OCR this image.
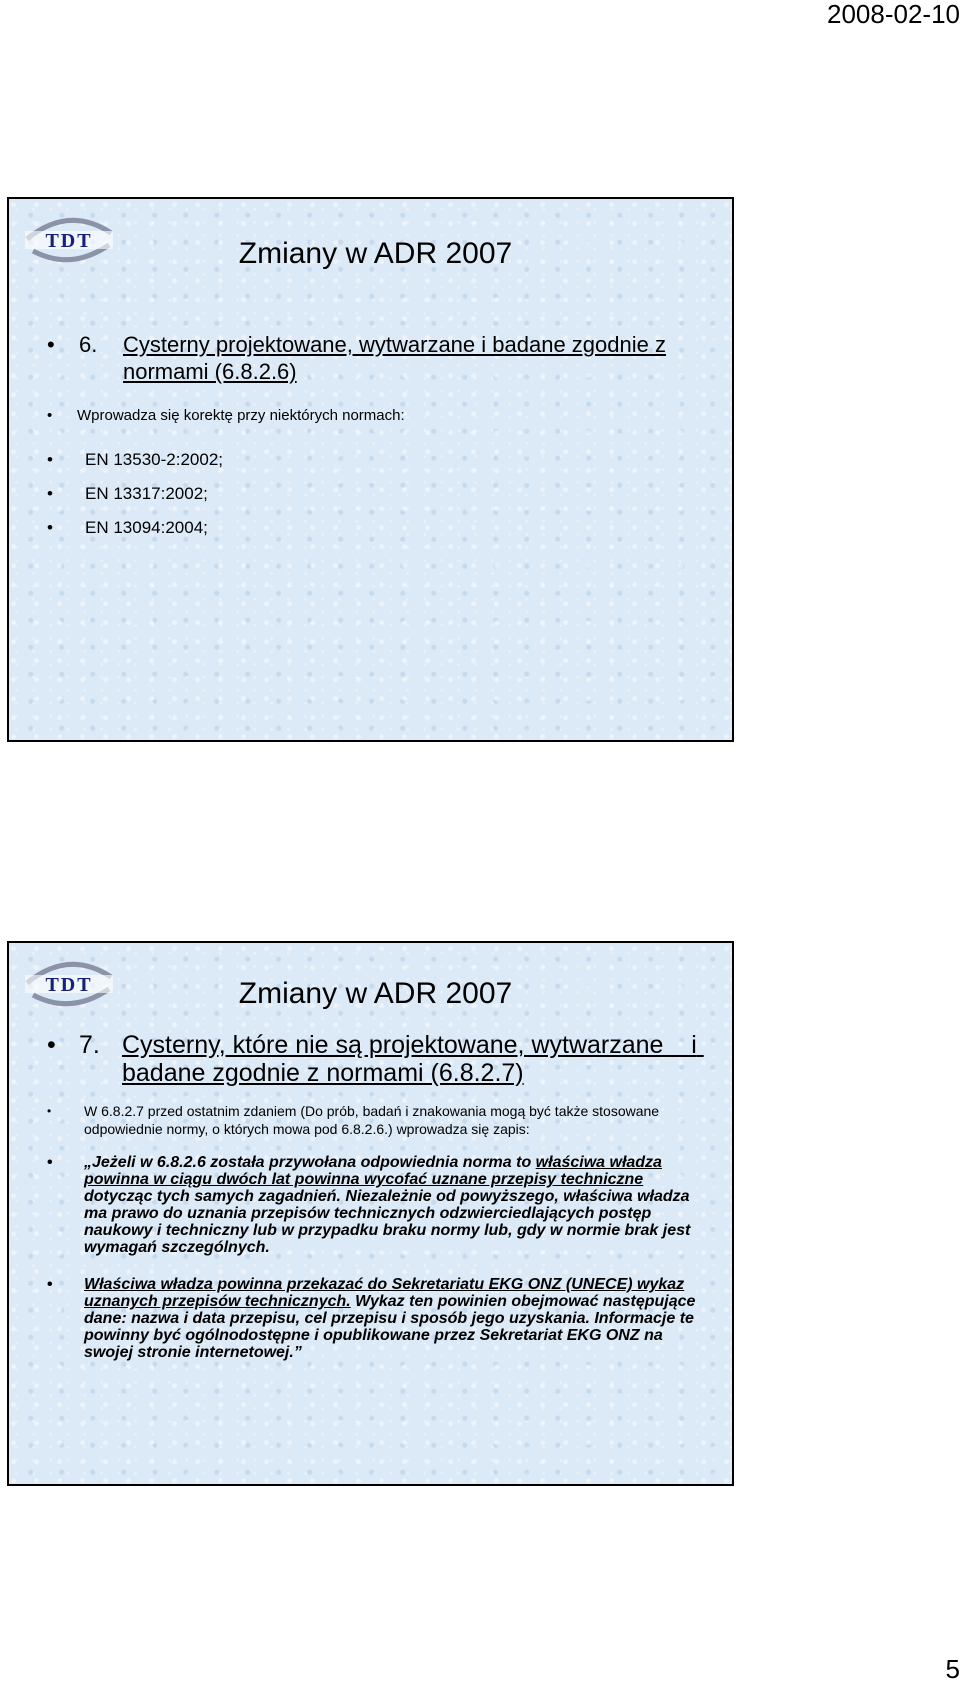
2008-02-10
TDT	Zmiany w ADR 2007
• 6.	Cysterny projektowane, wytwarzane i badane zgodnie z normami (6.8.2.6)
• Wprowadza się korektę przy niektórych normach:
• EN 13530-2:2002;
• EN 13317:2002;
• EN 13094:2004;
TDT	Zmiany w ADR 2007
• 7. Cysterny, które nie są projektowane, wytwarzane    i badane zgodnie z normami (6.8.2.7)
• W 6.8.2.7 przed ostatnim zdaniem (Do prób, badań i znakowania mogą być także stosowane odpowiednie normy, o których mowa pod 6.8.2.6.) wprowadza się zapis:
• „Jeżeli w 6.8.2.6 została przywołana odpowiednia norma to właściwa władza powinna w ciągu dwóch lat powinna wycofać uznane przepisy techniczne dotycząc tych samych zagadnień. Niezależnie od powyższego, właściwa władza ma prawo do uznania przepisów technicznych odzwierciedlających postęp naukowy i techniczny lub w przypadku braku normy lub, gdy w normie brak jest wymagań szczególnych.

• Właściwa władza powinna przekazać do Sekretariatu EKG ONZ (UNECE) wykaz uznanych przepisów technicznych. Wykaz ten powinien obejmować następujące dane: nazwa i data przepisu, cel przepisu i sposób jego uzyskania. Informacje te powinny być ogólnodostępne i opublikowane przez Sekretariat EKG ONZ na swojej stronie internetowej.”

5
